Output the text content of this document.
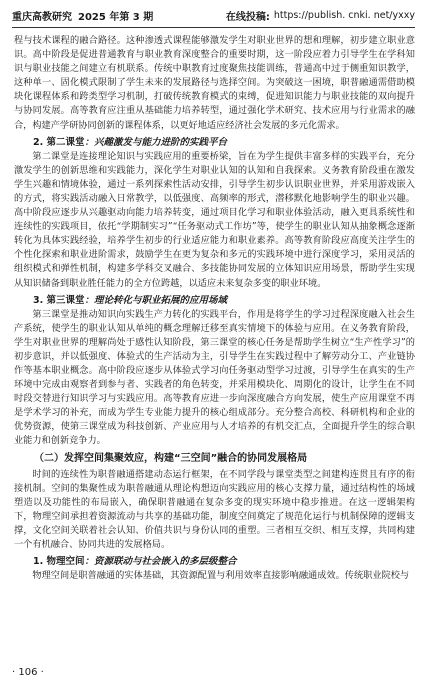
重庆高教研究 2025 年第 3 期	在线投稿: https://publish. cnki. net/yxxy

程与技术课程的融合路径。这种渗透式课程能够激发学生对职业世界的想和理解，初步建立职业意识。高中阶段是促进普通教育与职业教育深度整合的重要时期，这一阶段应着力引导学生在学科知识与职业技能之间建立有机联系。传统中职教育过度聚焦技能训练，普通高中过于侧重知识教学，这种单一、固化模式限制了学生未来的发展路径与选择空间。为突破这一困境，职普融通需借助模块化课程体系和跨类型学习机制，打破传统教育模式的束缚，促进知识能力与职业技能的双向提升与协同发展。高等教育应注重从基础能力培养转型，通过强化学术研究、技术应用与行业需求的融合，构建产学研协同创新的课程体系，以更好地适应经济社会发展的多元化需求。

2. 第二课堂：兴趣激发与能力进阶的实践平台

第二课堂是连接理论知识与实践应用的重要桥梁，旨在为学生提供丰富多样的实践平台，充分激发学生的创新思维和实践能力，深化学生对职业认知的认知和自我探索。义务教育阶段重在激发学生兴趣和情境体验，通过一系列探索性活动安排，引导学生初步认识职业世界，并采用游戏嵌入的方式，将实践活动融入日常教学，以低强度、高频率的形式，潜移默化地影响学生的职业兴趣。高中阶段应逐步从兴趣驱动向能力培养转变，通过项目化学习和职业体验活动，融入更具系统性和连续性的实践项目，依托“学期制实习”“任务驱动式工作坊”等，使学生的职业认知从抽象概念逐渐转化为具体实践经验，培养学生初步的行业适应能力和职业素养。高等教育阶段应高度关注学生的个性化探索和职业进阶需求，鼓励学生在更为复杂和多元的实践环境中进行深度学习，采用灵活的组织模式和弹性机制，构建多学科交叉融合、多技能协同发展的立体知识应用场景，帮助学生实现从知识储备到职业胜任能力的全方位跨越，以适应未来复杂多变的职业环境。

3. 第三课堂：理论转化与职业拓展的应用场域

第三课堂是推动知识向实践生产力转化的实践平台，作用是将学生的学习过程深度融入社会生产系统，使学生的职业认知从单纯的概念理解迁移至真实情境下的体验与应用。在义务教育阶段，学生对职业世界的理解尚处于感性认知阶段，第三课堂的核心任务是帮助学生树立“生产性学习”的初步意识，并以低强度、体验式的生产活动为主，引导学生在实践过程中了解劳动分工、产业链协作等基本职业概念。高中阶段应逐步从体验式学习向任务驱动型学习过渡，引导学生在真实的生产环境中完成由观察者到参与者、实践者的角色转变，并采用模块化、周期化的设计，让学生在不同时段交替进行知识学习与实践应用。高等教育应进一步向深度融合方向发展，使生产应用课堂不再是学术学习的补充，而成为学生专业能力提升的核心组成部分。充分整合高校、科研机构和企业的优势资源，使第三课堂成为科技创新、产业应用与人才培养的有机交汇点，全面提升学生的综合职业能力和创新竞争力。

（二）发挥空间集聚效应，构建“三空间”融合的协同发展格局

时间的连续性为职普融通搭建动态运行框架，在不同学段与课堂类型之间建构连贯且有序的衔接机制。空间的集聚性成为职普融通从理论构想迈向实践应用的核心支撑力量，通过结构性的场域塑造以及功能性的布局嵌入，确保职普融通在复杂多变的现实环境中稳步推进。在这一逻辑架构下，物理空间承担着资源流动与共享的基础功能，制度空间奠定了规范化运行与机制保障的逻辑支撑，文化空间关联着社会认知、价值共识与身份认同的重塑。三者相互交织、相互支撑，共同构建一个有机融合、协同共进的发展格局。

1. 物理空间：资源联动与社会嵌入的多层级整合

物理空间是职普融通的实体基础，其资源配置与利用效率直接影响融通成效。传统职业院校与

· 106 ·
